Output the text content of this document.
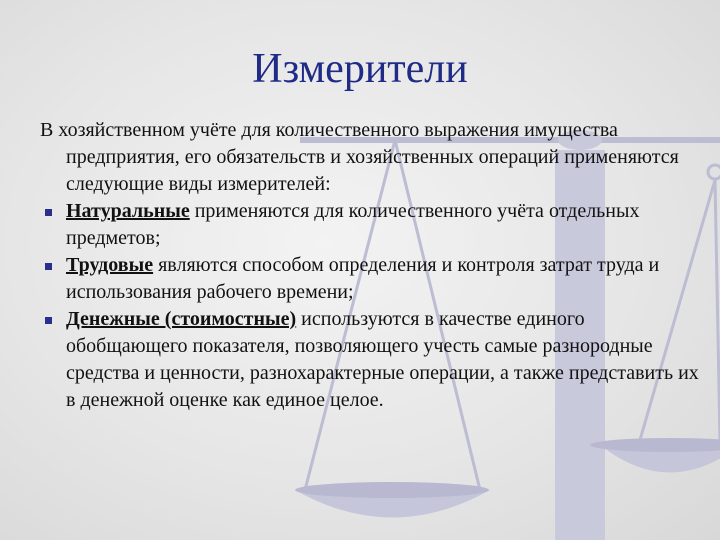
Измерители
В хозяйственном учёте для количественного выражения имущества предприятия, его обязательств и хозяйственных операций применяются следующие виды измерителей:
Натуральные применяются для количественного учёта отдельных предметов;
Трудовые являются способом определения и контроля затрат труда и использования рабочего времени;
Денежные (стоимостные) используются в качестве единого обобщающего показателя, позволяющего учесть самые разнородные средства и ценности, разнохарактерные операции, а также представить их в денежной оценке как единое целое.
